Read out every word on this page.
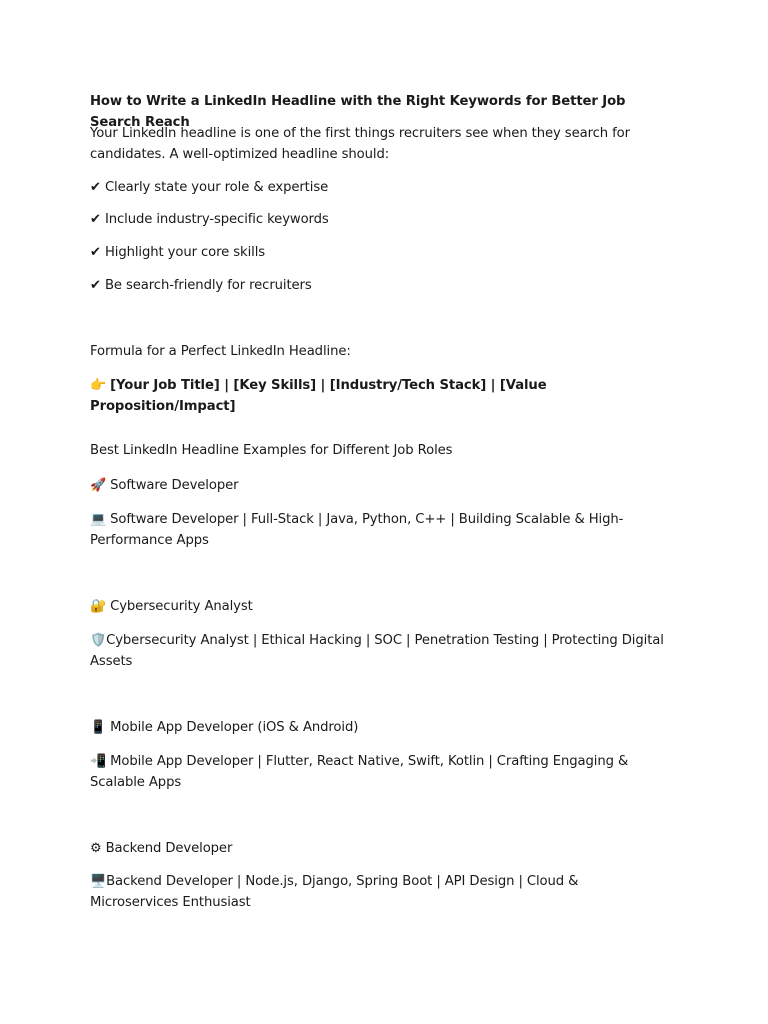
How to Write a LinkedIn Headline with the Right Keywords for Better Job Search Reach
Your LinkedIn headline is one of the first things recruiters see when they search for candidates. A well-optimized headline should:
✔ Clearly state your role & expertise
✔ Include industry-specific keywords
✔ Highlight your core skills
✔ Be search-friendly for recruiters
Formula for a Perfect LinkedIn Headline:
👉 [Your Job Title] | [Key Skills] | [Industry/Tech Stack] | [Value Proposition/Impact]
Best LinkedIn Headline Examples for Different Job Roles
🚀 Software Developer
💻 Software Developer | Full-Stack | Java, Python, C++ | Building Scalable & High-Performance Apps
🔐 Cybersecurity Analyst
🛡️Cybersecurity Analyst | Ethical Hacking | SOC | Penetration Testing | Protecting Digital Assets
📱 Mobile App Developer (iOS & Android)
📲 Mobile App Developer | Flutter, React Native, Swift, Kotlin | Crafting Engaging & Scalable Apps
⚙ Backend Developer
🖥️Backend Developer | Node.js, Django, Spring Boot | API Design | Cloud & Microservices Enthusiast
